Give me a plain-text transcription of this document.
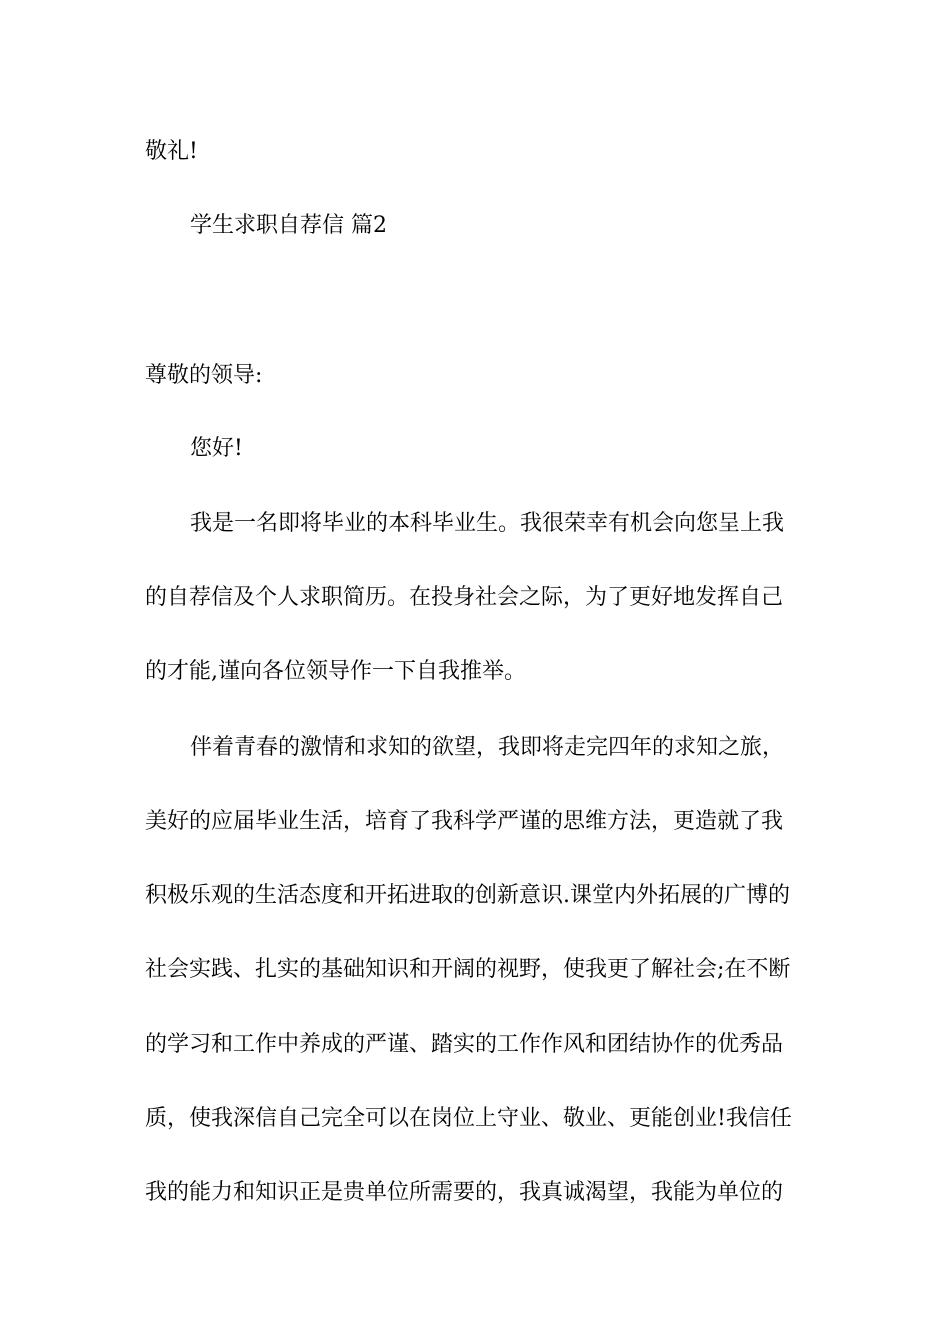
敬礼!
学生求职自荐信 篇2
尊敬的领导:
您好!
我是一名即将毕业的本科毕业生。我很荣幸有机会向您呈上我
的自荐信及个人求职简历。在投身社会之际，为了更好地发挥自己
的才能,谨向各位领导作一下自我推举。
伴着青春的激情和求知的欲望，我即将走完四年的求知之旅，
美好的应届毕业生活，培育了我科学严谨的思维方法，更造就了我
积极乐观的生活态度和开拓进取的创新意识.课堂内外拓展的广博的
社会实践、扎实的基础知识和开阔的视野，使我更了解社会;在不断
的学习和工作中养成的严谨、踏实的工作作风和团结协作的优秀品
质，使我深信自己完全可以在岗位上守业、敬业、更能创业!我信任
我的能力和知识正是贵单位所需要的，我真诚渴望，我能为单位的
